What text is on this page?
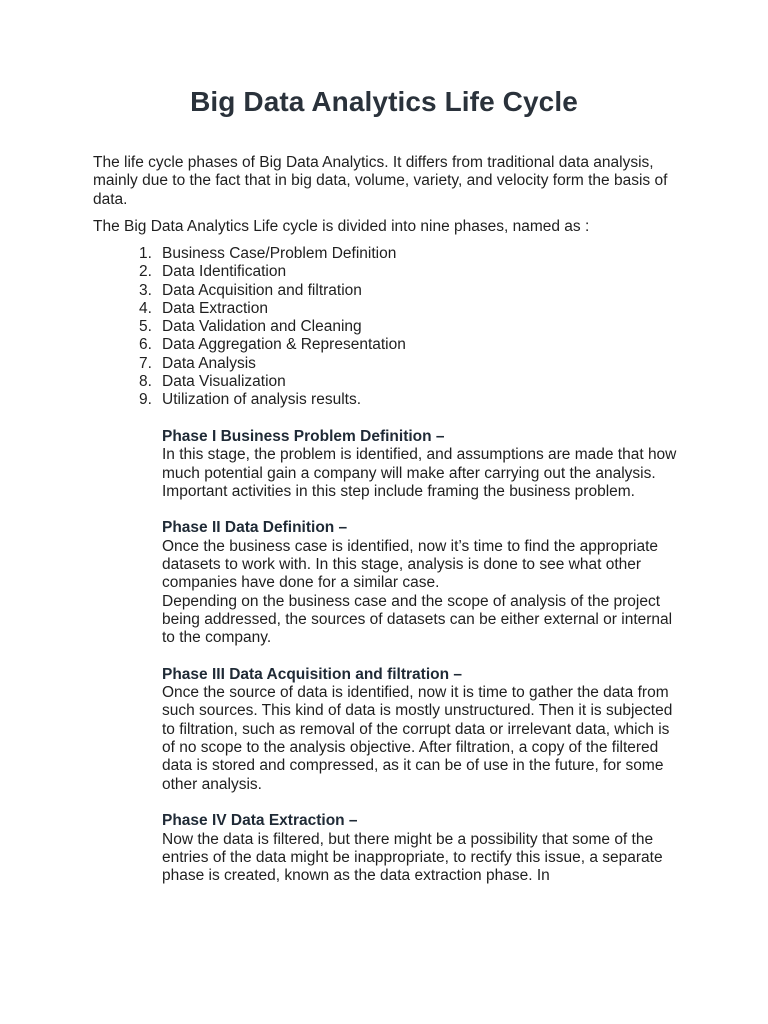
Big Data Analytics Life Cycle

The life cycle phases of Big Data Analytics. It differs from traditional data analysis, mainly due to the fact that in big data, volume, variety, and velocity form the basis of data.

The Big Data Analytics Life cycle is divided into nine phases, named as :

1. Business Case/Problem Definition
2. Data Identification
3. Data Acquisition and filtration
4. Data Extraction
5. Data Validation and Cleaning
6. Data Aggregation & Representation
7. Data Analysis
8. Data Visualization
9. Utilization of analysis results.
Phase I Business Problem Definition –

In this stage, the problem is identified, and assumptions are made that how much potential gain a company will make after carrying out the analysis.

Important activities in this step include framing the business problem.

Phase II Data Definition –

Once the business case is identified, now it’s time to find the appropriate datasets to work with. In this stage, analysis is done to see what other companies have done for a similar case.

Depending on the business case and the scope of analysis of the project being addressed, the sources of datasets can be either external or internal to the company.

Phase III Data Acquisition and filtration –

Once the source of data is identified, now it is time to gather the data from such sources. This kind of data is mostly unstructured. Then it is subjected to filtration, such as removal of the corrupt data or irrelevant data, which is of no scope to the analysis objective. After filtration, a copy of the filtered data is stored and compressed, as it can be of use in the future, for some other analysis.

Phase IV Data Extraction –

Now the data is filtered, but there might be a possibility that some of the entries of the data might be inappropriate, to rectify this issue, a separate phase is created, known as the data extraction phase. In
